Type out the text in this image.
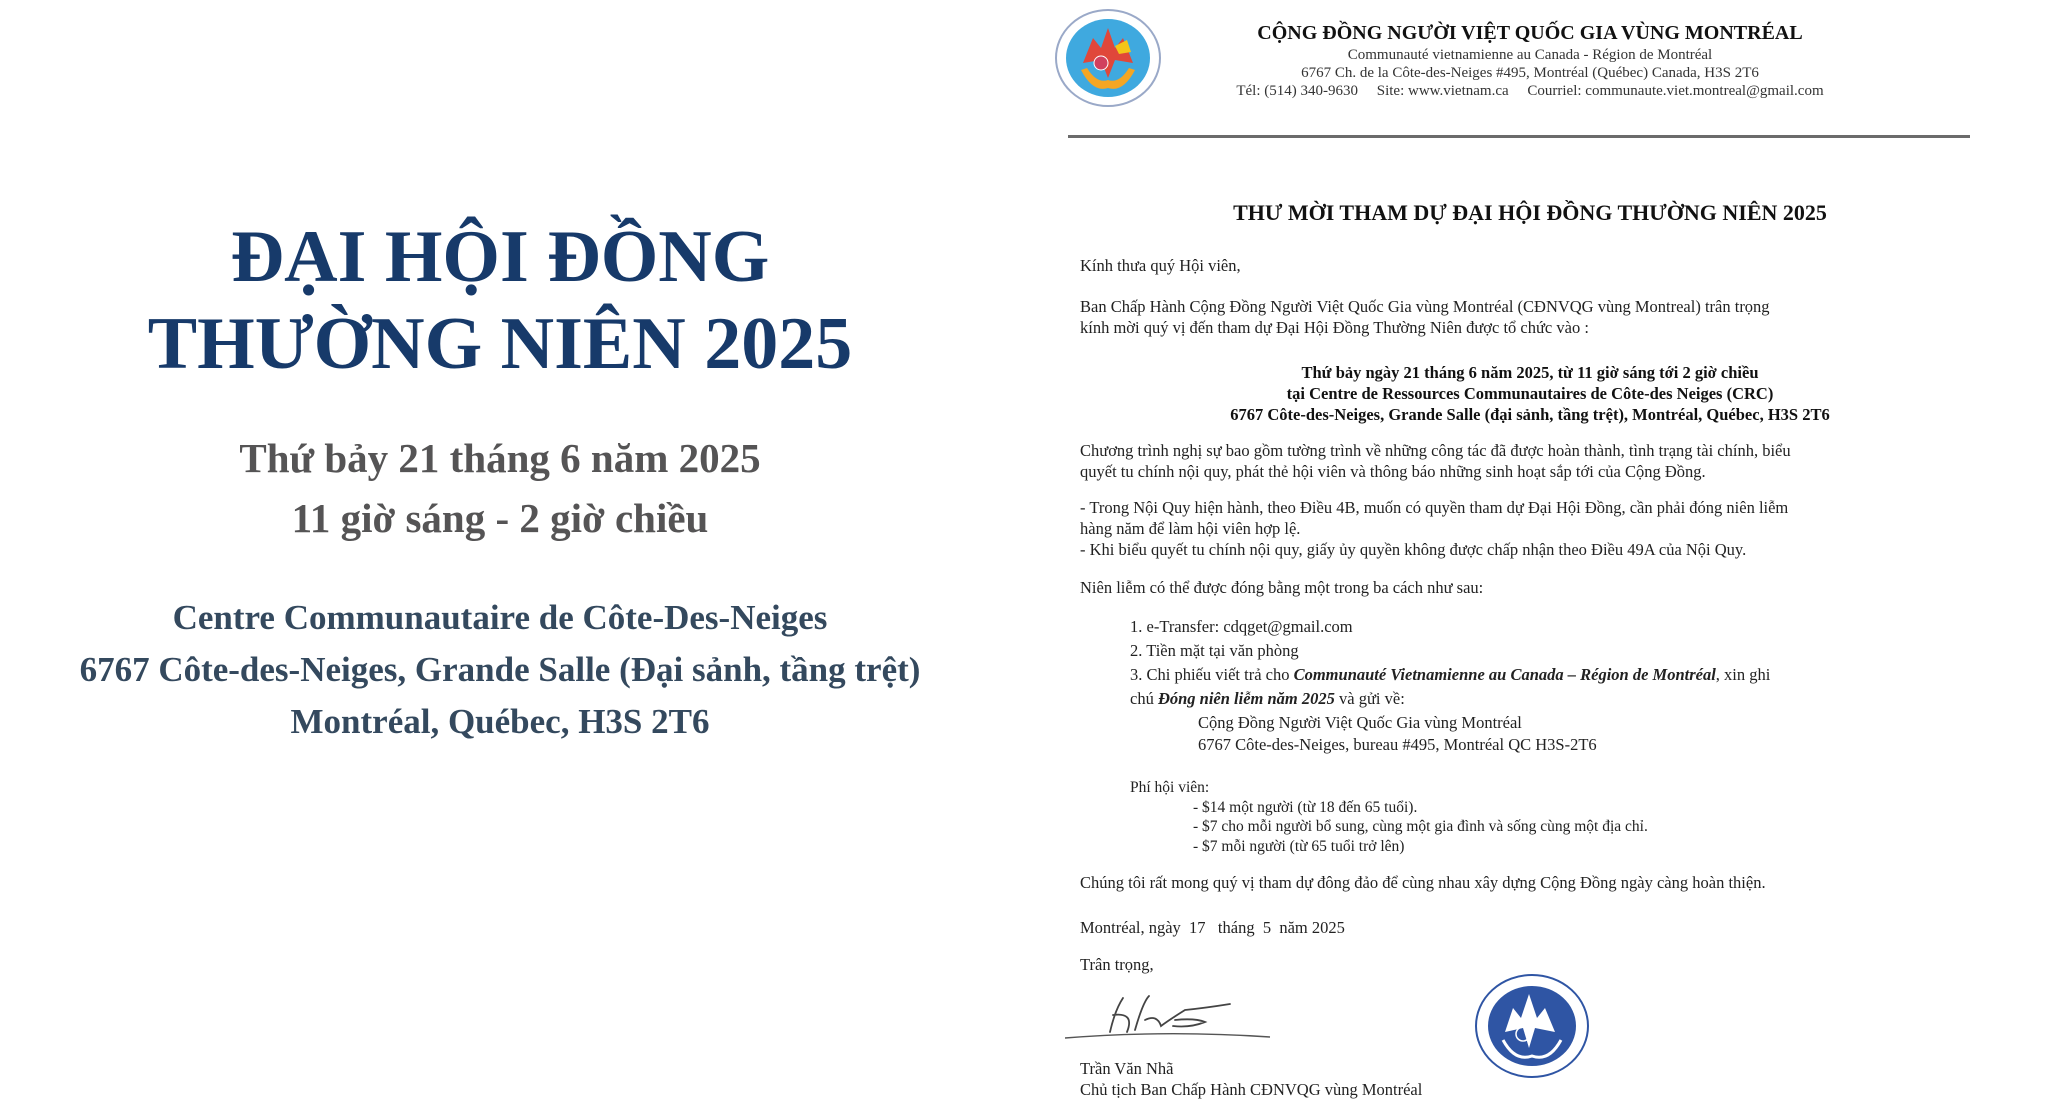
ĐẠI HỘI ĐỒNG
THƯỜNG NIÊN 2025
Thứ bảy 21 tháng 6 năm 2025
11 giờ sáng - 2 giờ chiều
Centre Communautaire de Côte-Des-Neiges
6767 Côte-des-Neiges, Grande Salle (Đại sảnh, tầng trệt)
Montréal, Québec, H3S 2T6
CỘNG ĐỒNG NGƯỜI VIỆT QUỐC GIA VÙNG MONTRÉAL
Communauté vietnamienne au Canada - Région de Montréal
6767 Ch. de la Côte-des-Neiges #495, Montréal (Québec) Canada, H3S 2T6
Tél: (514) 340-9630     Site: www.vietnam.ca     Courriel: communaute.viet.montreal@gmail.com
THƯ MỜI THAM DỰ ĐẠI HỘI ĐỒNG THƯỜNG NIÊN 2025
Kính thưa quý Hội viên,

Ban Chấp Hành Cộng Đồng Người Việt Quốc Gia vùng Montréal (CĐNVQG vùng Montreal) trân trọng

kính mời quý vị đến tham dự Đại Hội Đồng Thường Niên được tổ chức vào :

Thứ bảy ngày 21 tháng 6 năm 2025, từ 11 giờ sáng tới 2 giờ chiều
tại Centre de Ressources Communautaires de Côte-des Neiges (CRC)
6767 Côte-des-Neiges, Grande Salle (đại sảnh, tầng trệt), Montréal, Québec, H3S 2T6

Chương trình nghị sự bao gồm tường trình về những công tác đã được hoàn thành, tình trạng tài chính, biểu

quyết tu chính nội quy, phát thẻ hội viên và thông báo những sinh hoạt sắp tới của Cộng Đồng.

- Trong Nội Quy hiện hành, theo Điều 4B, muốn có quyền tham dự Đại Hội Đồng, cần phải đóng niên liễm

hàng năm để làm hội viên hợp lệ.

- Khi biểu quyết tu chính nội quy, giấy ủy quyền không được chấp nhận theo Điều 49A của Nội Quy.

Niên liễm có thể được đóng bằng một trong ba cách như sau:

1. e-Transfer: cdqget@gmail.com

2. Tiền mặt tại văn phòng

3. Chi phiếu viết trả cho Communauté Vietnamienne au Canada – Région de Montréal, xin ghi

chú Đóng niên liễm năm 2025 và gửi về:

Cộng Đồng Người Việt Quốc Gia vùng Montréal

6767 Côte-des-Neiges, bureau #495, Montréal QC H3S-2T6

Phí hội viên:

- $14 một người (từ 18 đến 65 tuổi).

- $7 cho mỗi người bổ sung, cùng một gia đình và sống cùng một địa chỉ.

- $7 mỗi người (từ 65 tuổi trở lên)

Chúng tôi rất mong quý vị tham dự đông đảo để cùng nhau xây dựng Cộng Đồng ngày càng hoàn thiện.
Montréal, ngày  17   tháng  5  năm 2025
Trân trọng,

Trần Văn Nhã

Chủ tịch Ban Chấp Hành CĐNVQG vùng Montréal
